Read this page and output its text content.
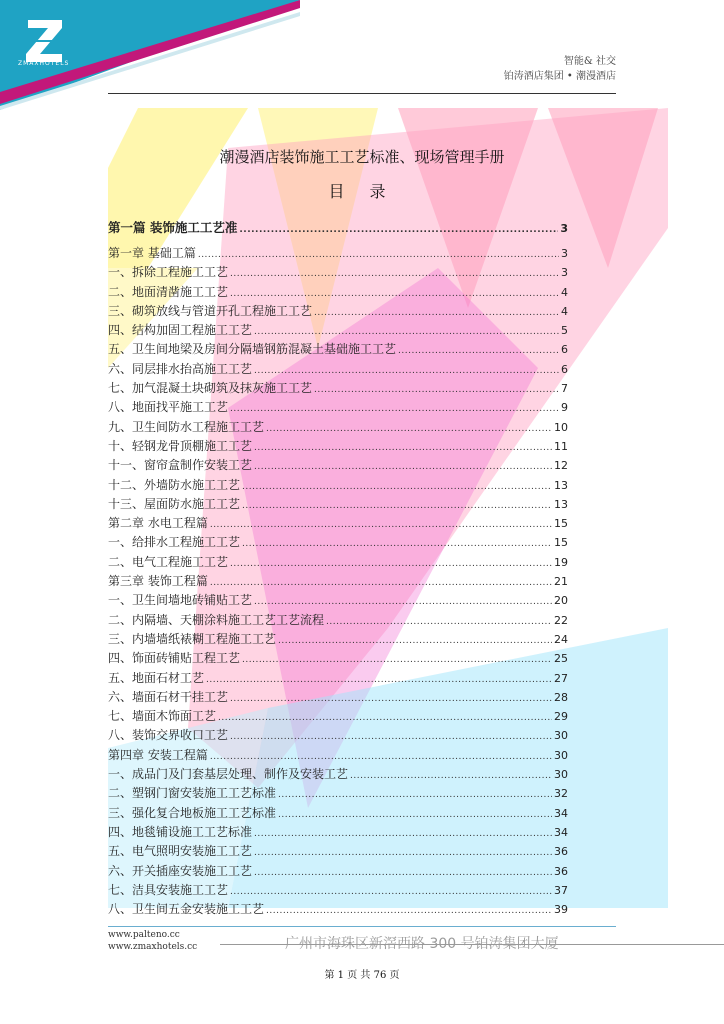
ZMAXHOTELS	智能& 社交
铂涛酒店集团 • 潮漫酒店
潮漫酒店装饰施工工艺标准、现场管理手册
目 录
第一篇 装饰施工工艺准 .....	3
第一章 基础工篇 .....	3
一、拆除工程施工工艺 .....	3
二、地面清凿施工工艺 .....	4
三、砌筑放线与管道开孔工程施工工艺 .....	4
四、结构加固工程施工工艺 .....	5
五、卫生间地梁及房间分隔墙钢筋混凝土基础施工工艺 .....	6
六、同层排水抬高施工工艺 .....	6
七、加气混凝土块砌筑及抹灰施工工艺 .....	7
八、地面找平施工工艺 .....	9
九、卫生间防水工程施工工艺 .....	10
十、轻钢龙骨顶棚施工工艺 .....	11
十一、窗帘盒制作安装工艺 .....	12
十二、外墙防水施工工艺 .....	13
十三、屋面防水施工工艺 .....	13
第二章 水电工程篇 .....	15
一、给排水工程施工工艺 .....	15
二、电气工程施工工艺 .....	19
第三章 装饰工程篇 .....	21
一、卫生间墙地砖铺贴工艺 .....	20
二、内隔墙、天棚涂料施工工艺工艺流程 .....	22
三、内墙墙纸裱糊工程施工工艺 .....	24
四、饰面砖铺贴工程工艺 .....	25
五、地面石材工艺 .....	27
六、墙面石材干挂工艺 .....	28
七、墙面木饰面工艺 .....	29
八、装饰交界收口工艺 .....	30
第四章 安装工程篇 .....	30
一、成品门及门套基层处理、制作及安装工艺 .....	30
二、塑钢门窗安装施工工艺标准 .....	32
三、强化复合地板施工工艺标准 .....	34
四、地毯铺设施工工艺标准 .....	34
五、电气照明安装施工工艺 .....	36
六、开关插座安装施工工艺 .....	36
七、洁具安装施工工艺 .....	37
八、卫生间五金安装施工工艺 .....	39
www.palteno.cc
www.zmaxhotels.cc	广州市海珠区新滘西路 300 号铂涛集团大厦
第 1 页 共 76 页
